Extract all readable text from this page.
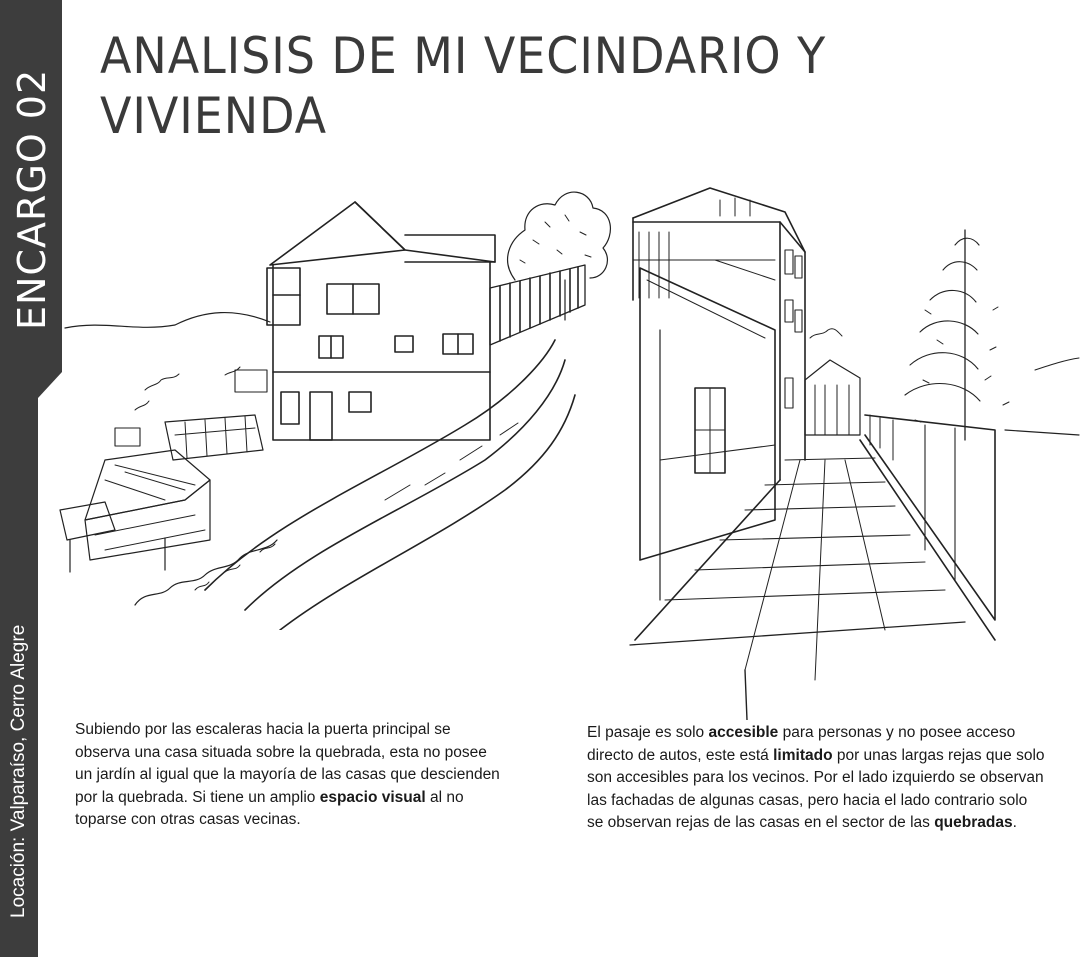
ENCARGO 02
Locación: Valparaíso, Cerro Alegre
ANALISIS DE MI VECINDARIO Y VIVIENDA

Subiendo por las escaleras hacia la puerta principal se observa una casa situada sobre la quebrada, esta no posee un jardín al igual que la mayoría de las casas que descienden por la quebrada. Si tiene un amplio espacio visual al no toparse con otras casas vecinas.

El pasaje es solo accesible para personas y no posee acceso directo de autos, este está limitado por unas largas rejas que solo son accesibles para los vecinos. Por el lado izquierdo se observan las fachadas de algunas casas, pero hacia el lado contrario solo se observan rejas de las casas en el sector de las quebradas.
